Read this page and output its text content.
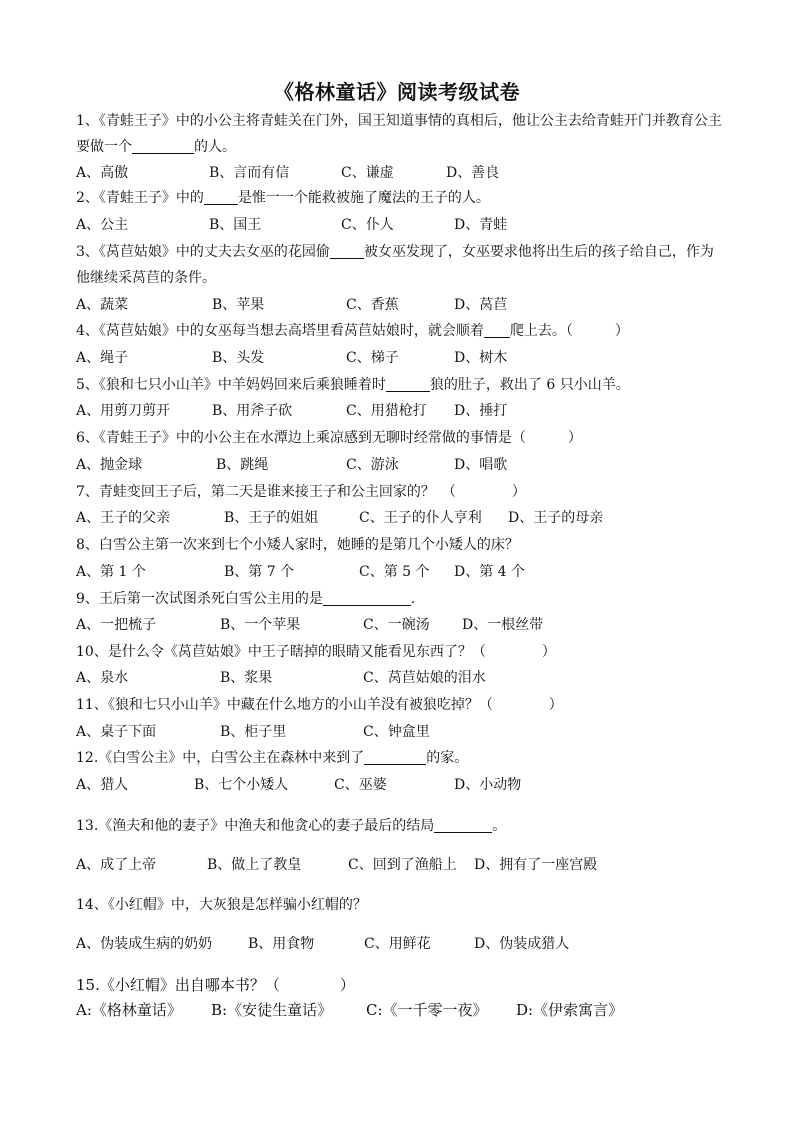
《格林童话》阅读考级试卷
1、《青蛙王子》中的小公主将青蛙关在门外，国王知道事情的真相后，他让公主去给青蛙开门并教育公主要做一个	的人。
A、高傲	B、言而有信	C、谦虚	D、善良
2、《青蛙王子》中的 是惟一一个能救被施了魔法的王子的人。
A、公主	B、国王	C、仆人	D、青蛙
3、《莴苣姑娘》中的丈夫去女巫的花园偷 被女巫发现了，女巫要求他将出生后的孩子给自己，作为他继续采莴苣的条件。
A、蔬菜	B、苹果	C、香蕉	D、莴苣
4、《莴苣姑娘》中的女巫每当想去高塔里看莴苣姑娘时，就会顺着 爬上去。（　　　）
A、绳子	B、头发	C、梯子	D、树木
5、《狼和七只小山羊》中羊妈妈回来后乘狼睡着时	狼的肚子，救出了 6 只小山羊。
A、用剪刀剪开	B、用斧子砍	C、用猎枪打 D、捶打
6、《青蛙王子》中的小公主在水潭边上乘凉感到无聊时经常做的事情是（　　　）
A、抛金球	B、跳绳	C、游泳	D、唱歌
7、青蛙变回王子后，第二天是谁来接王子和公主回家的？　（　　　　）
A、王子的父亲	B、王子的姐姐	C、王子的仆人亨利 D、王子的母亲
8、白雪公主第一次来到七个小矮人家时，她睡的是第几个小矮人的床？
A、第 1 个	B、第 7 个	C、第 5 个 D、第 4 个
9、王后第一次试图杀死白雪公主用的是	.
A、一把梳子	B、一个苹果	C、一碗汤 D、一根丝带
10、是什么令《莴苣姑娘》中王子瞎掉的眼睛又能看见东西了？（　　　　）
A、泉水	B、浆果	C、莴苣姑娘的泪水
11、《狼和七只小山羊》中藏在什么地方的小山羊没有被狼吃掉？（　　　　）
A、桌子下面	B、柜子里	C、钟盒里
12.《白雪公主》中，白雪公主在森林中来到了	的家。
A、猎人	B、七个小矮人	C、巫婆	D、小动物
13.《渔夫和他的妻子》中渔夫和他贪心的妻子最后的结局	。
A、成了上帝	B、做上了教皇	C、回到了渔船上 D、拥有了一座宫殿
14、《小红帽》中，大灰狼是怎样骗小红帽的？
A、伪装成生病的奶奶	B、用食物	C、用鲜花	D、伪装成猎人
15.《小红帽》出自哪本书？（　　　　）
A:《格林童话》 B:《安徒生童话》 C:《一千零一夜》 D:《伊索寓言》
